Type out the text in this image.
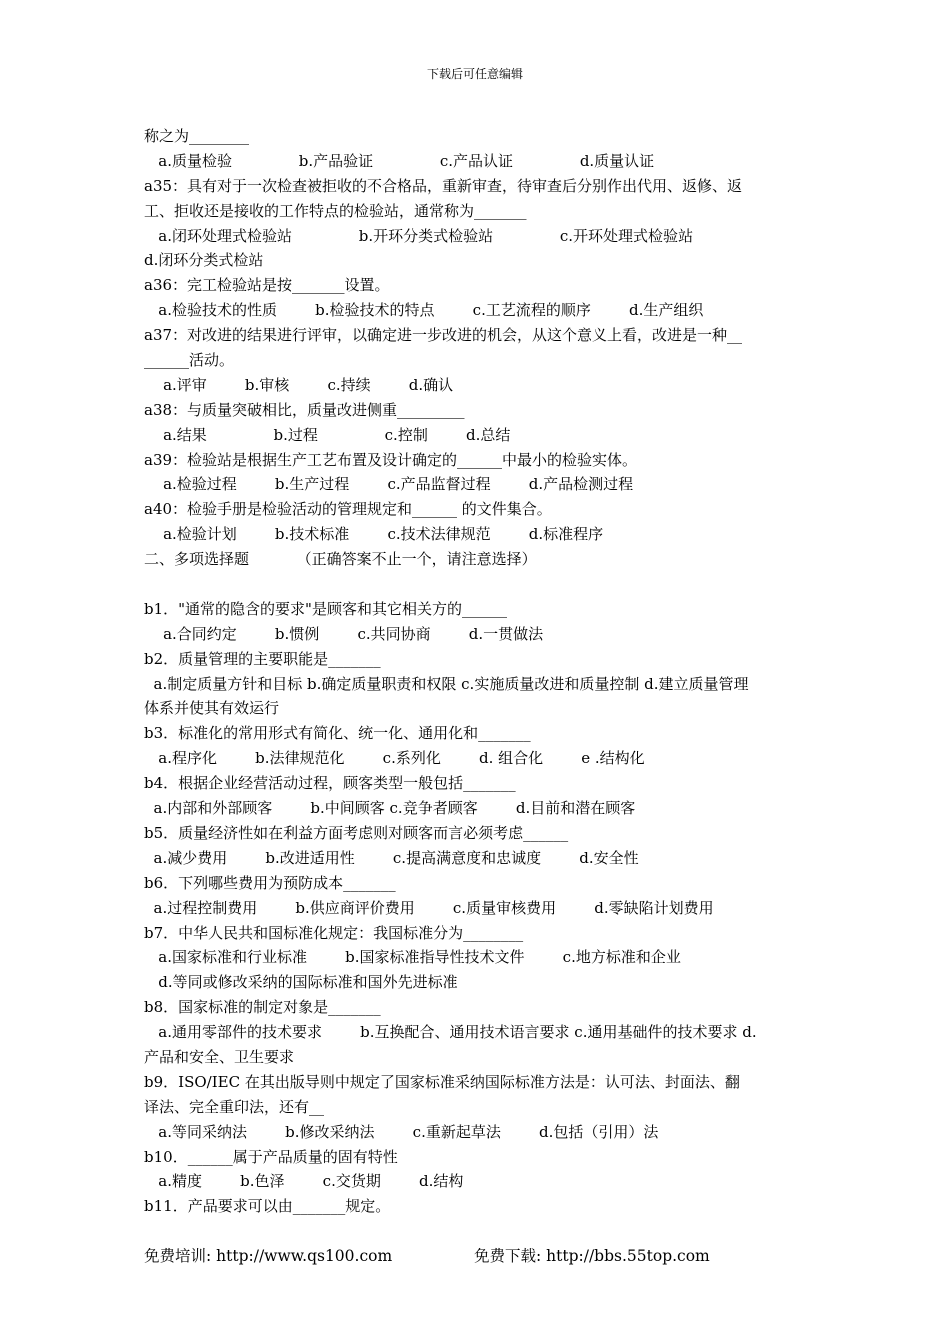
下载后可任意编辑
称之为________
a.质量检验              b.产品验证              c.产品认证              d.质量认证
a35：具有对于一次检查被拒收的不合格品，重新审查，待审查后分别作出代用、返修、返
工、拒收还是接收的工作特点的检验站，通常称为_______
a.闭环处理式检验站              b.开环分类式检验站              c.开环处理式检验站
d.闭环分类式检站
a36：完工检验站是按_______设置。
a.检验技术的性质        b.检验技术的特点        c.工艺流程的顺序        d.生产组织
a37：对改进的结果进行评审，以确定进一步改进的机会，从这个意义上看，改进是一种__
______活动。
a.评审        b.审核        c.持续        d.确认
a38：与质量突破相比，质量改进侧重_________
a.结果              b.过程              c.控制        d.总结
a39：检验站是根据生产工艺布置及设计确定的______中最小的检验实体。
a.检验过程        b.生产过程        c.产品监督过程        d.产品检测过程
a40：检验手册是检验活动的管理规定和______ 的文件集合。
a.检验计划        b.技术标准        c.技术法律规范        d.标准程序
二、多项选择题          （正确答案不止一个，请注意选择）
b1．"通常的隐含的要求"是顾客和其它相关方的______
a.合同约定        b.惯例        c.共同协商        d.一贯做法
b2．质量管理的主要职能是_______
a.制定质量方针和目标 b.确定质量职责和权限 c.实施质量改进和质量控制 d.建立质量管理
体系并使其有效运行
b3．标准化的常用形式有简化、统一化、通用化和_______
a.程序化        b.法律规范化        c.系列化        d. 组合化        e .结构化
b4．根据企业经营活动过程，顾客类型一般包括_______
a.内部和外部顾客        b.中间顾客 c.竞争者顾客        d.目前和潜在顾客
b5．质量经济性如在利益方面考虑则对顾客而言必须考虑______
a.减少费用        b.改进适用性        c.提高满意度和忠诚度        d.安全性
b6．下列哪些费用为预防成本_______
a.过程控制费用        b.供应商评价费用        c.质量审核费用        d.零缺陷计划费用
b7．中华人民共和国标准化规定：我国标准分为________
a.国家标准和行业标准        b.国家标准指导性技术文件        c.地方标准和企业
d.等同或修改采纳的国际标准和国外先进标准
b8．国家标准的制定对象是_______
a.通用零部件的技术要求        b.互换配合、通用技术语言要求 c.通用基础件的技术要求 d.
产品和安全、卫生要求
b9．ISO/IEC 在其出版导则中规定了国家标准采纳国际标准方法是：认可法、封面法、翻
译法、完全重印法，还有__
a.等同采纳法        b.修改采纳法        c.重新起草法        d.包括（引用）法
b10．______属于产品质量的固有特性
a.精度        b.色泽        c.交货期        d.结构
b11．产品要求可以由_______规定。
免费培训: http://www.qs100.com	免费下载: http://bbs.55top.com
